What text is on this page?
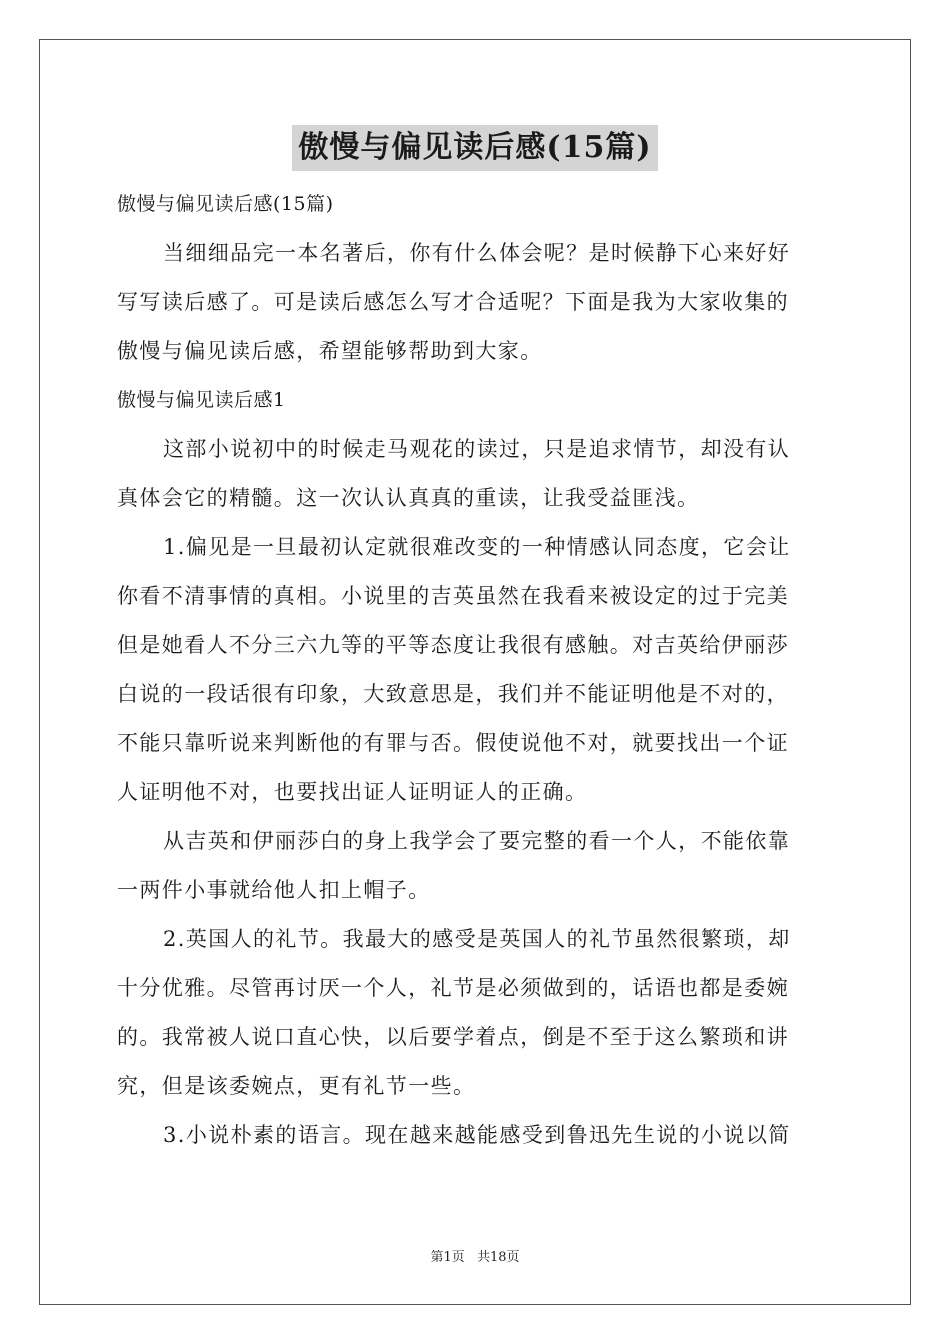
傲慢与偏见读后感(15篇)
傲慢与偏见读后感(15篇)
当细细品完一本名著后，你有什么体会呢？是时候静下心来好好
写写读后感了。可是读后感怎么写才合适呢？下面是我为大家收集的
傲慢与偏见读后感，希望能够帮助到大家。
傲慢与偏见读后感1
这部小说初中的时候走马观花的读过，只是追求情节，却没有认
真体会它的精髓。这一次认认真真的重读，让我受益匪浅。
1.偏见是一旦最初认定就很难改变的一种情感认同态度，它会让
你看不清事情的真相。小说里的吉英虽然在我看来被设定的过于完美
但是她看人不分三六九等的平等态度让我很有感触。对吉英给伊丽莎
白说的一段话很有印象，大致意思是，我们并不能证明他是不对的，
不能只靠听说来判断他的有罪与否。假使说他不对，就要找出一个证
人证明他不对，也要找出证人证明证人的正确。
从吉英和伊丽莎白的身上我学会了要完整的看一个人，不能依靠
一两件小事就给他人扣上帽子。
2.英国人的礼节。我最大的感受是英国人的礼节虽然很繁琐，却
十分优雅。尽管再讨厌一个人，礼节是必须做到的，话语也都是委婉
的。我常被人说口直心快，以后要学着点，倒是不至于这么繁琐和讲
究，但是该委婉点，更有礼节一些。
3.小说朴素的语言。现在越来越能感受到鲁迅先生说的小说以简
第1页 共18页
